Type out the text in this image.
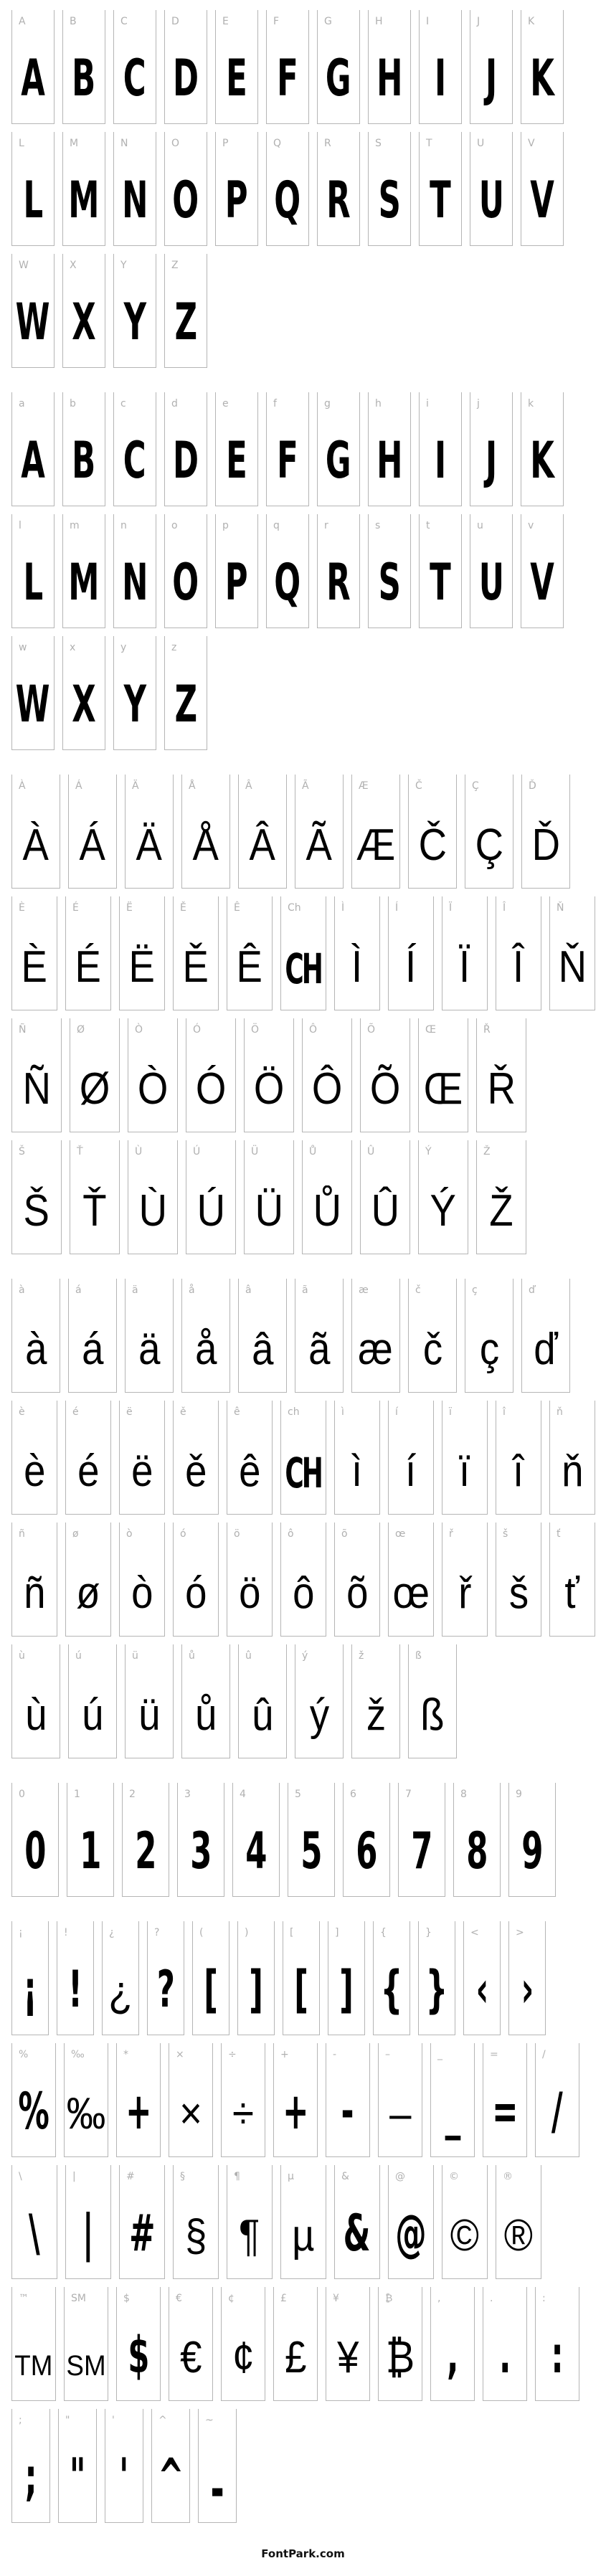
A
A
B
B
C
C
D
D
E
E
F
F
G
G
H
H
I
I
J
J
K
K
L
L
M
M
N
N
O
O
P
P
Q
Q
R
R
S
S
T
T
U
U
V
V
W
W
X
X
Y
Y
Z
Z
a
A
b
B
c
C
d
D
e
E
f
F
g
G
h
H
i
I
j
J
k
K
l
L
m
M
n
N
o
O
p
P
q
Q
r
R
s
S
t
T
u
U
v
V
w
W
x
X
y
Y
z
Z
À
À
Á
Á
Ä
Ä
Å
Å
Â
Â
Ã
Ã
Æ
Æ
Č
Č
Ç
Ç
Ď
Ď
È
È
É
É
Ë
Ë
Ě
Ě
Ê
Ê
Ch
CH
Ì
Ì
Í
Í
Ï
Ï
Î
Î
Ň
Ň
Ñ
Ñ
Ø
Ø
Ò
Ò
Ó
Ó
Ö
Ö
Ô
Ô
Õ
Õ
Œ
Œ
Ř
Ř
Š
Š
Ť
Ť
Ù
Ù
Ú
Ú
Ü
Ü
Ů
Ů
Û
Û
Ý
Ý
Ž
Ž
à
à
á
á
ä
ä
å
å
â
â
ã
ã
æ
æ
č
č
ç
ç
ď
ď
è
è
é
é
ë
ë
ě
ě
ê
ê
ch
CH
ì
ì
í
í
ï
ï
î
î
ň
ň
ñ
ñ
ø
ø
ò
ò
ó
ó
ö
ö
ô
ô
õ
õ
œ
œ
ř
ř
š
š
ť
ť
ù
ù
ú
ú
ü
ü
ů
ů
û
û
ý
ý
ž
ž
ß
ß
0
0
1
1
2
2
3
3
4
4
5
5
6
6
7
7
8
8
9
9
¡
¡
!
!
¿
¿
?
?
(
[
)
]
[
[
]
]
{
{
}
}
<
‹
>
›
%
%
‰
‰
*
+
×
×
÷
÷
+
+
-
-
–
–
_
_
=
=
/
/
\
\
|
|
#
#
§
§
¶
¶
µ
µ
&
&
@
@
©
©
®
®
™
TM
SM
SM
$
$
€
€
¢
¢
£
£
¥
¥
₿
₿
,
,
.
.
:
:
;
;
"
"
'
'
^
^
~
▬
FontPark.com
